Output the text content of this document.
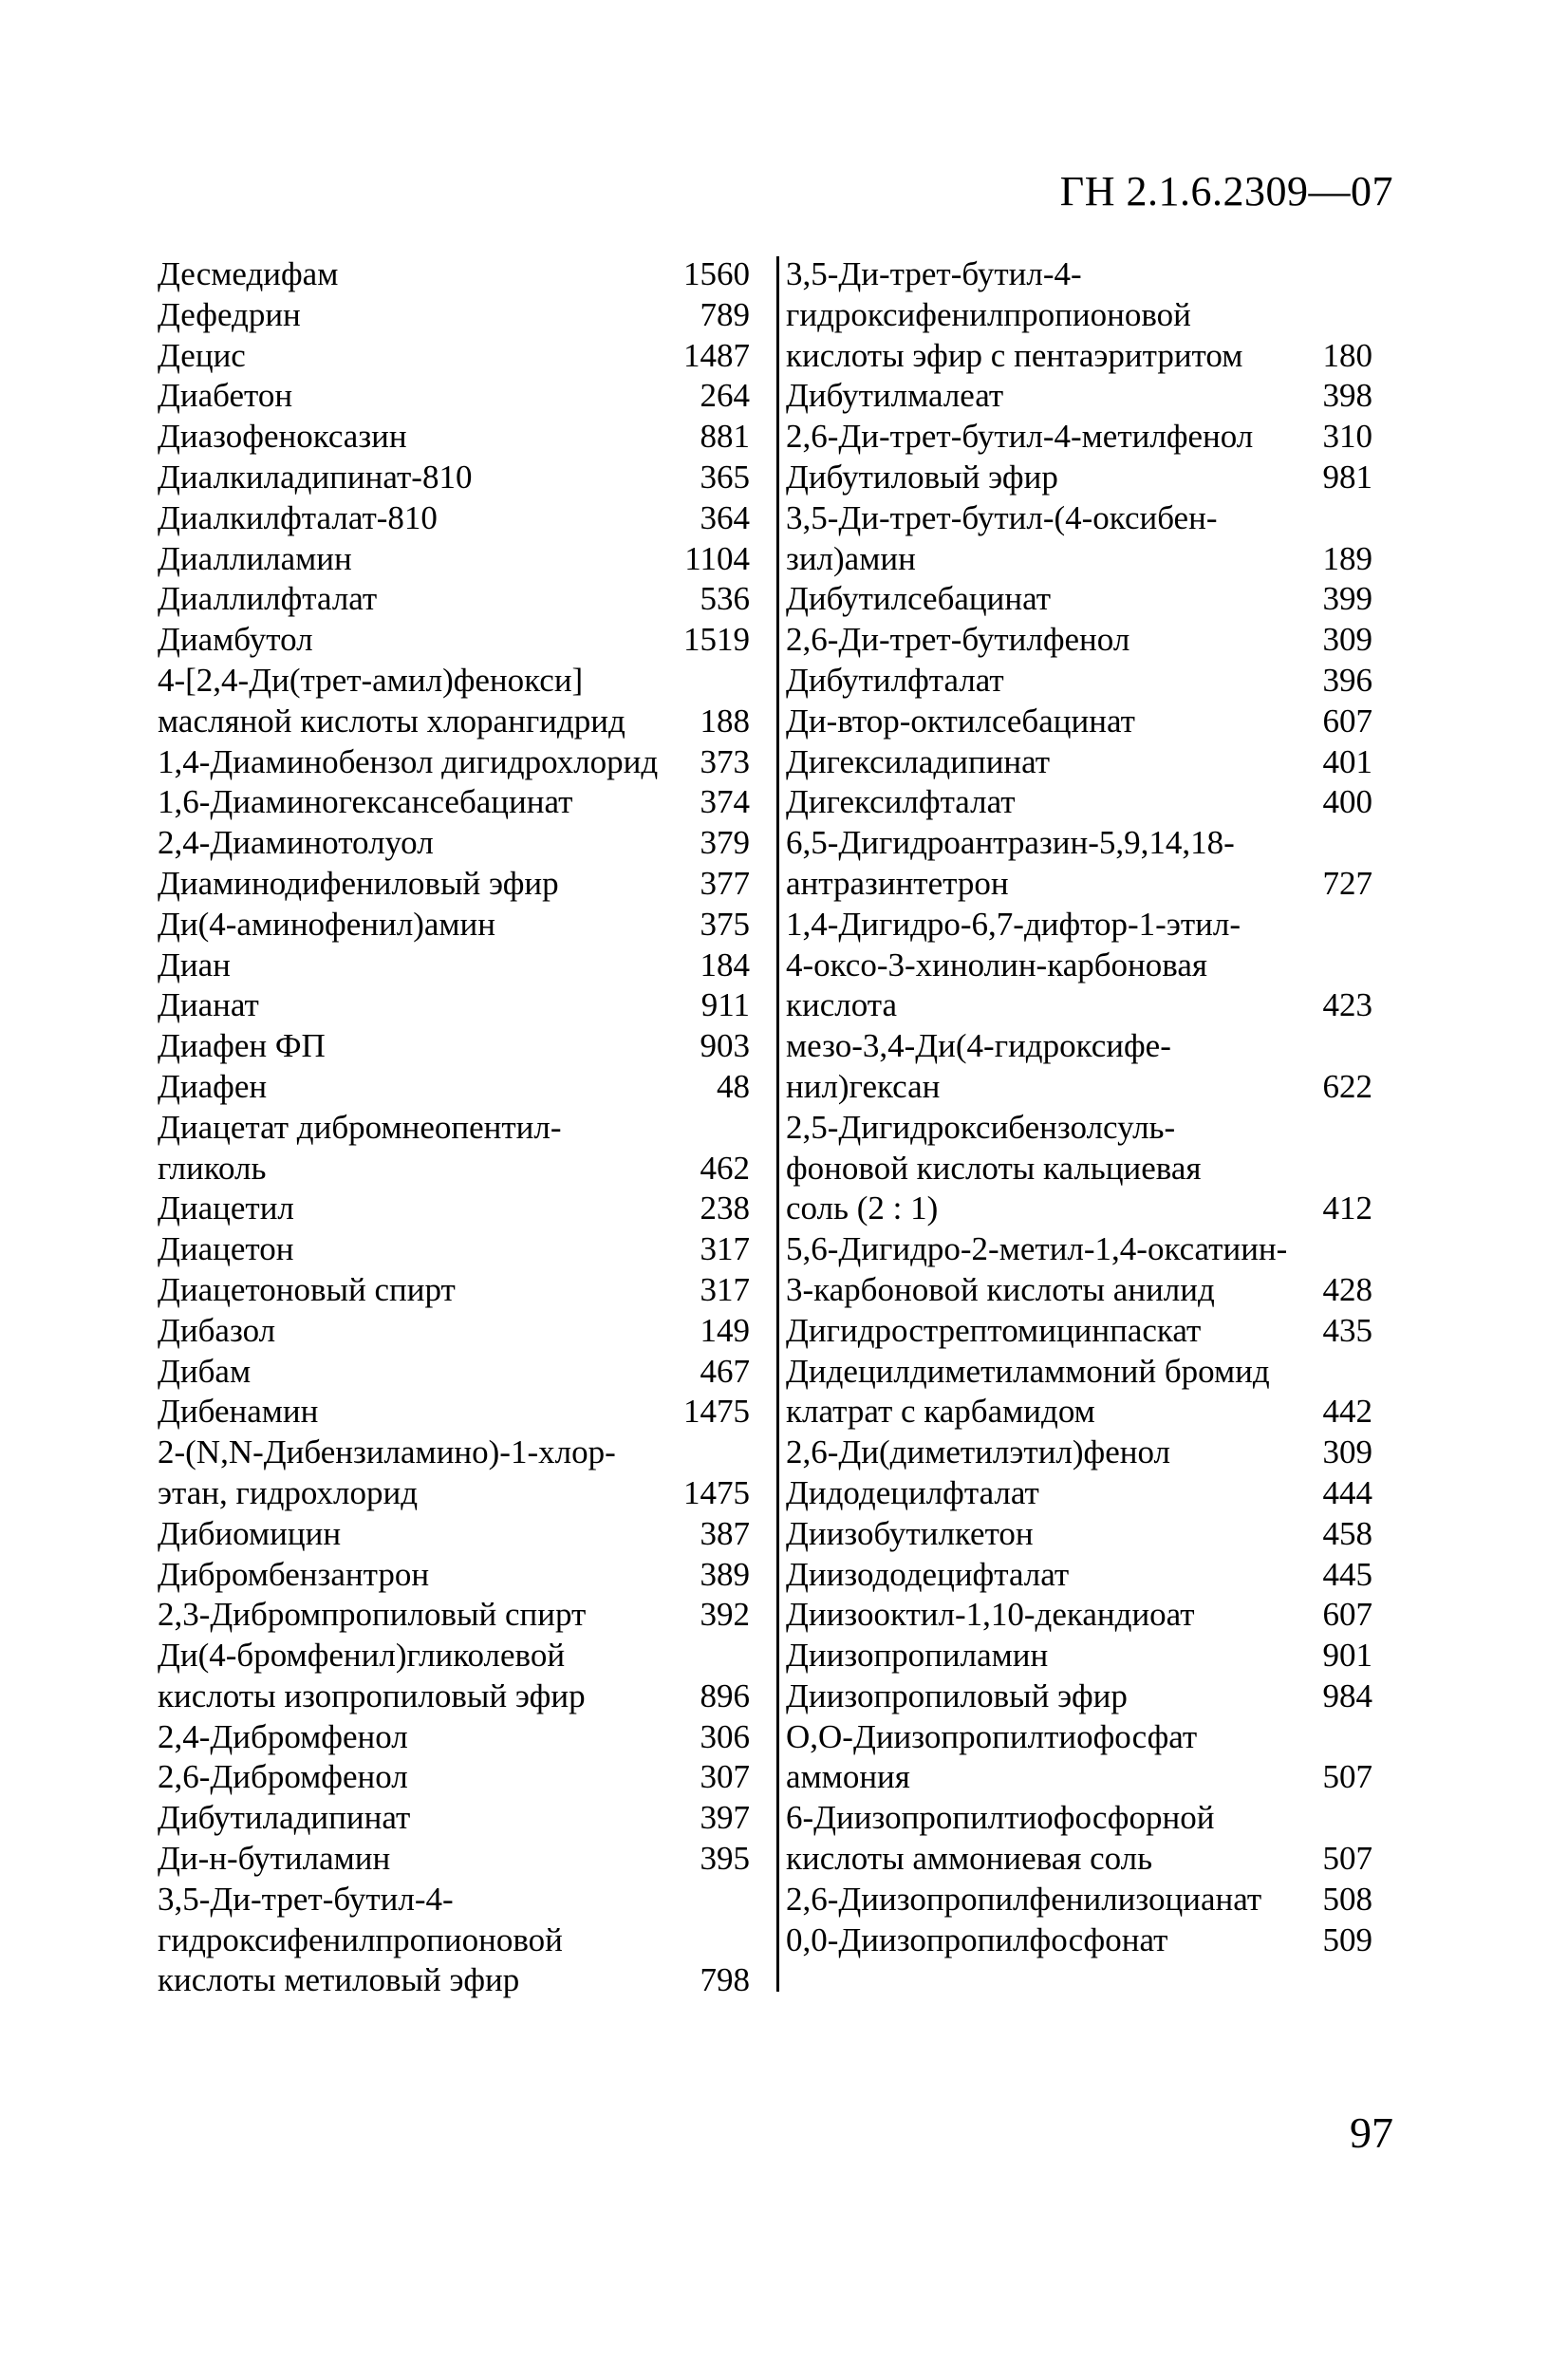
ГН 2.1.6.2309—07
Десмедифам	1560
Дефедрин	789
Децис	1487
Диабетон	264
Диазофеноксазин	881
Диалкиладипинат-810	365
Диалкилфталат-810	364
Диаллиламин	1104
Диаллилфталат	536
Диамбутол	1519
4-[2,4-Ди(трет-амил)фенокси]
масляной кислоты хлорангидрид	188
1,4-Диаминобензол дигидрохлорид	373
1,6-Диаминогексансебацинат	374
2,4-Диаминотолуол	379
Диаминодифениловый эфир	377
Ди(4-аминофенил)амин	375
Диан	184
Дианат	911
Диафен ФП	903
Диафен	48
Диацетат дибромнеопентил-
гликоль	462
Диацетил	238
Диацетон	317
Диацетоновый спирт	317
Дибазол	149
Дибам	467
Дибенамин	1475
2-(N,N-Дибензиламино)-1-хлор-
этан, гидрохлорид	1475
Дибиомицин	387
Дибромбензантрон	389
2,3-Дибромпропиловый спирт	392
Ди(4-бромфенил)гликолевой
кислоты изопропиловый эфир	896
2,4-Дибромфенол	306
2,6-Дибромфенол	307
Дибутиладипинат	397
Ди-н-бутиламин	395
3,5-Ди-трет-бутил-4-
гидроксифенилпропионовой
кислоты метиловый эфир	798
3,5-Ди-трет-бутил-4-
гидроксифенилпропионовой
кислоты эфир с пентаэритритом	180
Дибутилмалеат	398
2,6-Ди-трет-бутил-4-метилфенол	310
Дибутиловый эфир	981
3,5-Ди-трет-бутил-(4-оксибен-
зил)амин	189
Дибутилсебацинат	399
2,6-Ди-трет-бутилфенол	309
Дибутилфталат	396
Ди-втор-октилсебацинат	607
Дигексиладипинат	401
Дигексилфталат	400
6,5-Дигидроантразин-5,9,14,18-
антразинтетрон	727
1,4-Дигидро-6,7-дифтор-1-этил-
4-оксо-3-хинолин-карбоновая
кислота	423
мезо-3,4-Ди(4-гидроксифе-
нил)гексан	622
2,5-Дигидроксибензолсуль-
фоновой кислоты кальциевая
соль (2 : 1)	412
5,6-Дигидро-2-метил-1,4-оксатиин-
3-карбоновой кислоты анилид	428
Дигидрострептомицинпаскат	435
Дидецилдиметиламмоний бромид
клатрат с карбамидом	442
2,6-Ди(диметилэтил)фенол	309
Дидодецилфталат	444
Диизобутилкетон	458
Диизододецифталат	445
Диизооктил-1,10-декандиоат	607
Диизопропиламин	901
Диизопропиловый эфир	984
О,О-Диизопропилтиофосфат
аммония	507
6-Диизопропилтиофосфорной
кислоты аммониевая соль	507
2,6-Диизопропилфенилизоцианат	508
0,0-Диизопропилфосфонат	509
97
